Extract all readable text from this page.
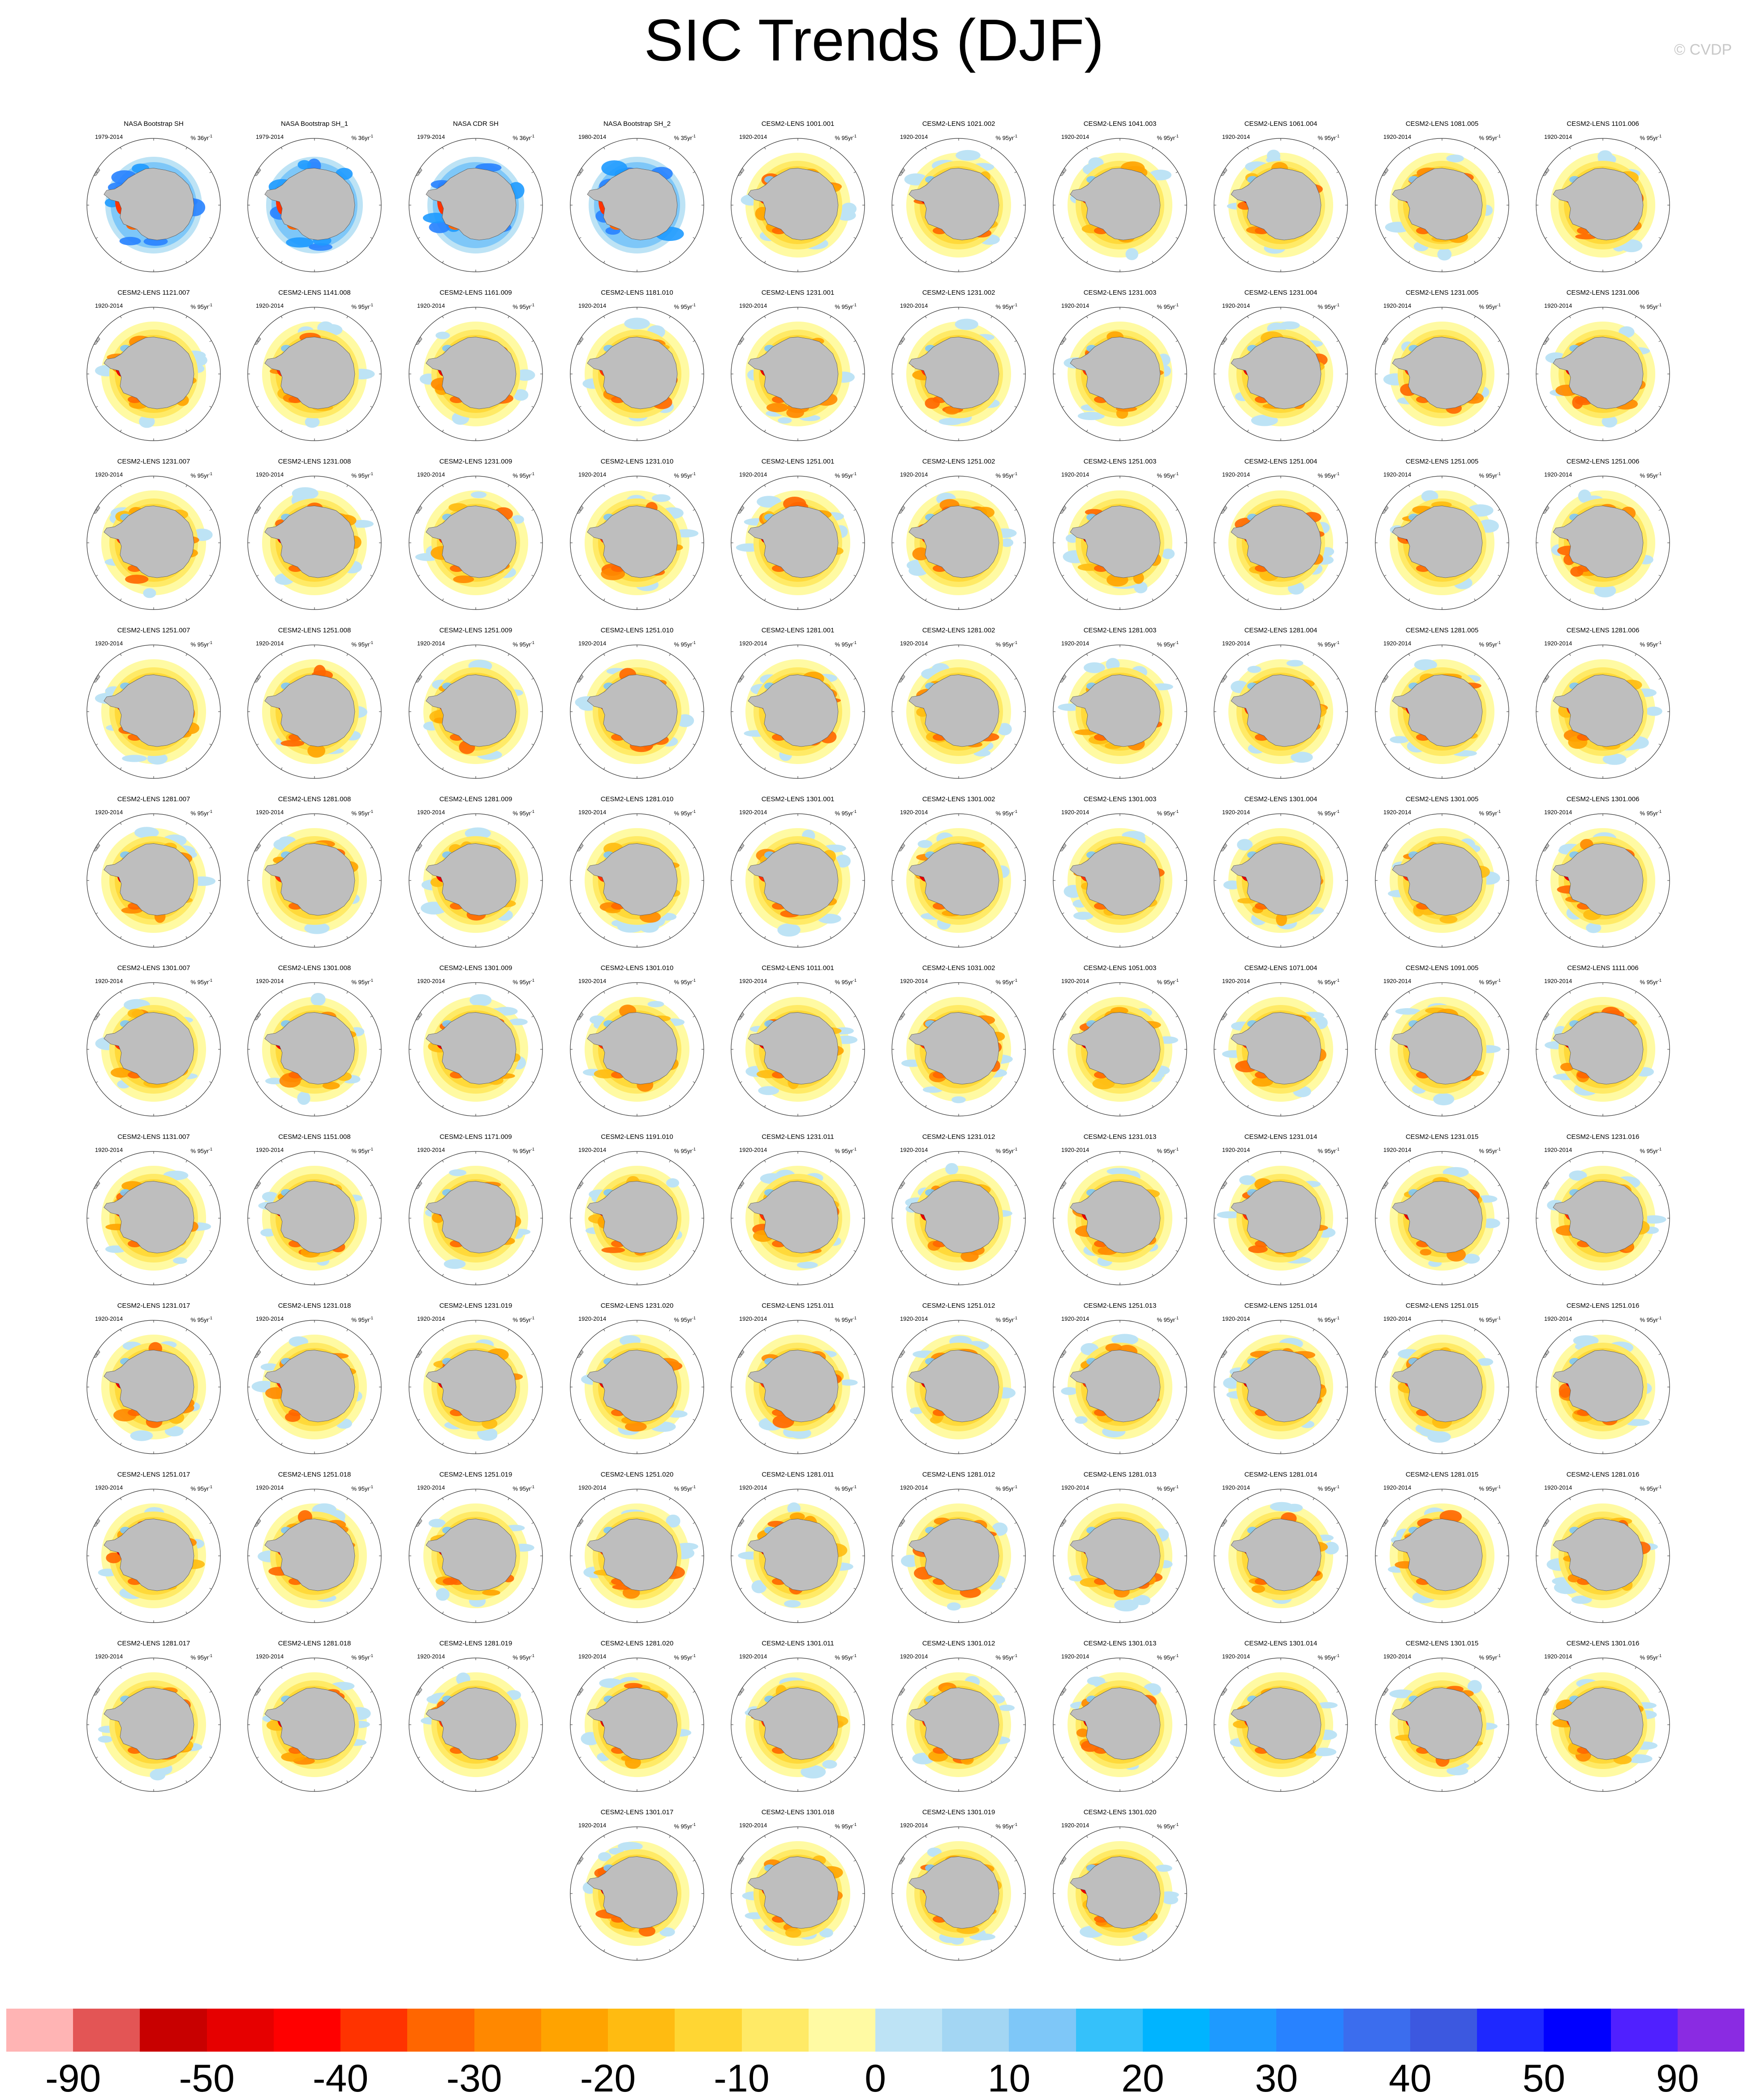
SIC Trends (DJF)	© CVDP
NASA Bootstrap SH
1979-2014	% $36yr^{-1}$
NASA Bootstrap SH_1
1979-2014	% $36yr^{-1}$
NASA CDR SH
1979-2014	% $36yr^{-1}$
NASA Bootstrap SH_2
1980-2014	% $35yr^{-1}$
CESM2-LENS 1001.001
1920-2014	% $95yr^{-1}$
CESM2-LENS 1021.002
1920-2014	% $95yr^{-1}$
CESM2-LENS 1041.003
1920-2014	% $95yr^{-1}$
CESM2-LENS 1061.004
1920-2014	% $95yr^{-1}$
CESM2-LENS 1081.005
1920-2014	% $95yr^{-1}$
CESM2-LENS 1101.006
1920-2014	% $95yr^{-1}$
CESM2-LENS 1121.007
1920-2014	% $95yr^{-1}$
CESM2-LENS 1141.008
1920-2014	% $95yr^{-1}$
CESM2-LENS 1161.009
1920-2014	% $95yr^{-1}$
CESM2-LENS 1181.010
1920-2014	% $95yr^{-1}$
CESM2-LENS 1231.001
1920-2014	% $95yr^{-1}$
CESM2-LENS 1231.002
1920-2014	% $95yr^{-1}$
CESM2-LENS 1231.003
1920-2014	% $95yr^{-1}$
CESM2-LENS 1231.004
1920-2014	% $95yr^{-1}$
CESM2-LENS 1231.005
1920-2014	% $95yr^{-1}$
CESM2-LENS 1231.006
1920-2014	% $95yr^{-1}$
CESM2-LENS 1231.007
1920-2014	% $95yr^{-1}$
CESM2-LENS 1231.008
1920-2014	% $95yr^{-1}$
CESM2-LENS 1231.009
1920-2014	% $95yr^{-1}$
CESM2-LENS 1231.010
1920-2014	% $95yr^{-1}$
CESM2-LENS 1251.001
1920-2014	% $95yr^{-1}$
CESM2-LENS 1251.002
1920-2014	% $95yr^{-1}$
CESM2-LENS 1251.003
1920-2014	% $95yr^{-1}$
CESM2-LENS 1251.004
1920-2014	% $95yr^{-1}$
CESM2-LENS 1251.005
1920-2014	% $95yr^{-1}$
CESM2-LENS 1251.006
1920-2014	% $95yr^{-1}$
CESM2-LENS 1251.007
1920-2014	% $95yr^{-1}$
CESM2-LENS 1251.008
1920-2014	% $95yr^{-1}$
CESM2-LENS 1251.009
1920-2014	% $95yr^{-1}$
CESM2-LENS 1251.010
1920-2014	% $95yr^{-1}$
CESM2-LENS 1281.001
1920-2014	% $95yr^{-1}$
CESM2-LENS 1281.002
1920-2014	% $95yr^{-1}$
CESM2-LENS 1281.003
1920-2014	% $95yr^{-1}$
CESM2-LENS 1281.004
1920-2014	% $95yr^{-1}$
CESM2-LENS 1281.005
1920-2014	% $95yr^{-1}$
CESM2-LENS 1281.006
1920-2014	% $95yr^{-1}$
CESM2-LENS 1281.007
1920-2014	% $95yr^{-1}$
CESM2-LENS 1281.008
1920-2014	% $95yr^{-1}$
CESM2-LENS 1281.009
1920-2014	% $95yr^{-1}$
CESM2-LENS 1281.010
1920-2014	% $95yr^{-1}$
CESM2-LENS 1301.001
1920-2014	% $95yr^{-1}$
CESM2-LENS 1301.002
1920-2014	% $95yr^{-1}$
CESM2-LENS 1301.003
1920-2014	% $95yr^{-1}$
CESM2-LENS 1301.004
1920-2014	% $95yr^{-1}$
CESM2-LENS 1301.005
1920-2014	% $95yr^{-1}$
CESM2-LENS 1301.006
1920-2014	% $95yr^{-1}$
CESM2-LENS 1301.007
1920-2014	% $95yr^{-1}$
CESM2-LENS 1301.008
1920-2014	% $95yr^{-1}$
CESM2-LENS 1301.009
1920-2014	% $95yr^{-1}$
CESM2-LENS 1301.010
1920-2014	% $95yr^{-1}$
CESM2-LENS 1011.001
1920-2014	% $95yr^{-1}$
CESM2-LENS 1031.002
1920-2014	% $95yr^{-1}$
CESM2-LENS 1051.003
1920-2014	% $95yr^{-1}$
CESM2-LENS 1071.004
1920-2014	% $95yr^{-1}$
CESM2-LENS 1091.005
1920-2014	% $95yr^{-1}$
CESM2-LENS 1111.006
1920-2014	% $95yr^{-1}$
CESM2-LENS 1131.007
1920-2014	% $95yr^{-1}$
CESM2-LENS 1151.008
1920-2014	% $95yr^{-1}$
CESM2-LENS 1171.009
1920-2014	% $95yr^{-1}$
CESM2-LENS 1191.010
1920-2014	% $95yr^{-1}$
CESM2-LENS 1231.011
1920-2014	% $95yr^{-1}$
CESM2-LENS 1231.012
1920-2014	% $95yr^{-1}$
CESM2-LENS 1231.013
1920-2014	% $95yr^{-1}$
CESM2-LENS 1231.014
1920-2014	% $95yr^{-1}$
CESM2-LENS 1231.015
1920-2014	% $95yr^{-1}$
CESM2-LENS 1231.016
1920-2014	% $95yr^{-1}$
CESM2-LENS 1231.017
1920-2014	% $95yr^{-1}$
CESM2-LENS 1231.018
1920-2014	% $95yr^{-1}$
CESM2-LENS 1231.019
1920-2014	% $95yr^{-1}$
CESM2-LENS 1231.020
1920-2014	% $95yr^{-1}$
CESM2-LENS 1251.011
1920-2014	% $95yr^{-1}$
CESM2-LENS 1251.012
1920-2014	% $95yr^{-1}$
CESM2-LENS 1251.013
1920-2014	% $95yr^{-1}$
CESM2-LENS 1251.014
1920-2014	% $95yr^{-1}$
CESM2-LENS 1251.015
1920-2014	% $95yr^{-1}$
CESM2-LENS 1251.016
1920-2014	% $95yr^{-1}$
CESM2-LENS 1251.017
1920-2014	% $95yr^{-1}$
CESM2-LENS 1251.018
1920-2014	% $95yr^{-1}$
CESM2-LENS 1251.019
1920-2014	% $95yr^{-1}$
CESM2-LENS 1251.020
1920-2014	% $95yr^{-1}$
CESM2-LENS 1281.011
1920-2014	% $95yr^{-1}$
CESM2-LENS 1281.012
1920-2014	% $95yr^{-1}$
CESM2-LENS 1281.013
1920-2014	% $95yr^{-1}$
CESM2-LENS 1281.014
1920-2014	% $95yr^{-1}$
CESM2-LENS 1281.015
1920-2014	% $95yr^{-1}$
CESM2-LENS 1281.016
1920-2014	% $95yr^{-1}$
CESM2-LENS 1281.017
1920-2014	% $95yr^{-1}$
CESM2-LENS 1281.018
1920-2014	% $95yr^{-1}$
CESM2-LENS 1281.019
1920-2014	% $95yr^{-1}$
CESM2-LENS 1281.020
1920-2014	% $95yr^{-1}$
CESM2-LENS 1301.011
1920-2014	% $95yr^{-1}$
CESM2-LENS 1301.012
1920-2014	% $95yr^{-1}$
CESM2-LENS 1301.013
1920-2014	% $95yr^{-1}$
CESM2-LENS 1301.014
1920-2014	% $95yr^{-1}$
CESM2-LENS 1301.015
1920-2014	% $95yr^{-1}$
CESM2-LENS 1301.016
1920-2014	% $95yr^{-1}$
CESM2-LENS 1301.017
1920-2014	% $95yr^{-1}$
CESM2-LENS 1301.018
1920-2014	% $95yr^{-1}$
CESM2-LENS 1301.019
1920-2014	% $95yr^{-1}$
CESM2-LENS 1301.020
1920-2014	% $95yr^{-1}$
-90	-50	-40	-30	-20	-10	0	10	20	30	40	50	90
